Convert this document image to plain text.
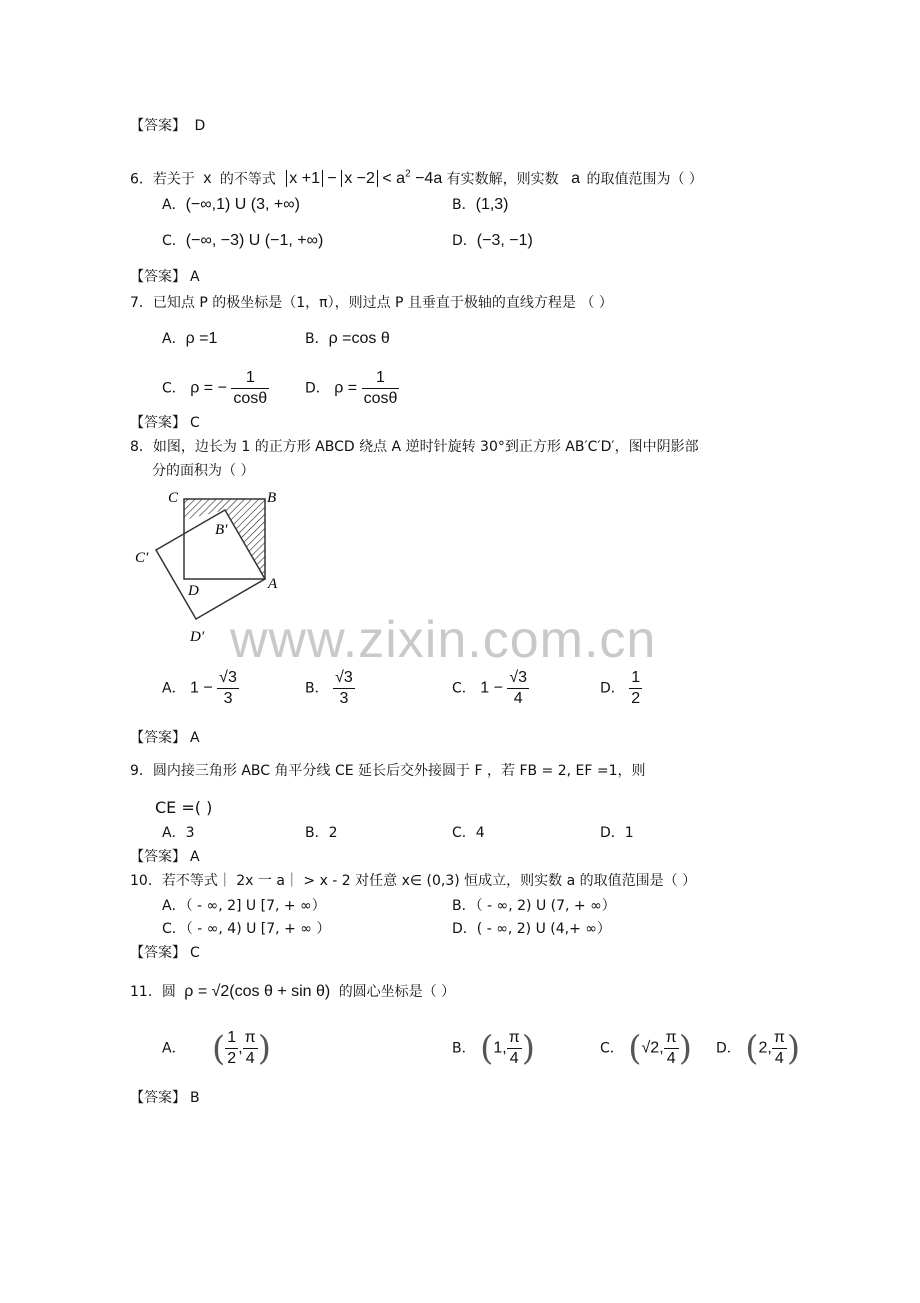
【答案】 D
6．若关于 x 的不等式 $x +1 - x -2 < a^2 -4a$ 有实数解，则实数 a 的取值范围为（ ）
A．(−∞,1) U (3, +∞)	B．(1,3)
C．(−∞, −3) U (−1, +∞)	D．(−3, −1)
【答案】 A
7．已知点 P 的极坐标是（1，π），则过点 P 且垂直于极轴的直线方程是 （ ）
A．ρ =1	B．ρ =cos θ
C． ρ = − $\frac{1}{\cos\theta}$	D． $\rho = \frac{1}{\cos\theta}$
【答案】 C
8．如图，边长为 1 的正方形 ABCD 绕点 A 逆时针旋转 30°到正方形 AB′C′D′，图中阴影部
分的面积为（ ）
C	B
B′
C′
D	A
D′
A． $1 - \frac{√3}{3}$	B． $\frac{√3}{3}$	C． $1 - \frac{√3}{4}$	D． $\frac{1}{2}$
【答案】 A
www.zixin.com.cn
9．圆内接三角形 ABC 角平分线 CE 延长后交外接圆于 F ，若 FB = 2, EF =1，则
CE =( )
A．3	B．2	C．4	D．1
【答案】 A
10．若不等式｜ 2x 一 a｜ > x - 2 对任意 x∈ (0,3) 恒成立，则实数 a 的取值范围是（ ）
A．（ - ∞, 2] U [7, + ∞）	B．（ - ∞, 2) U (7, + ∞）
C．（ - ∞, 4) U [7, + ∞ ）	D．( - ∞, 2) U (4,+ ∞）
【答案】 C
11．圆 ρ = √2(cos θ + sin θ) 的圆心坐标是（ ）
A． ( $\frac{1}{2}$ , $\frac{\pi}{4}$ )	B． (1, $\frac{\pi}{4}$ )	C． (√2, $\frac{\pi}{4}$ ) D． (2, $\frac{\pi}{4}$ )
【答案】 B
